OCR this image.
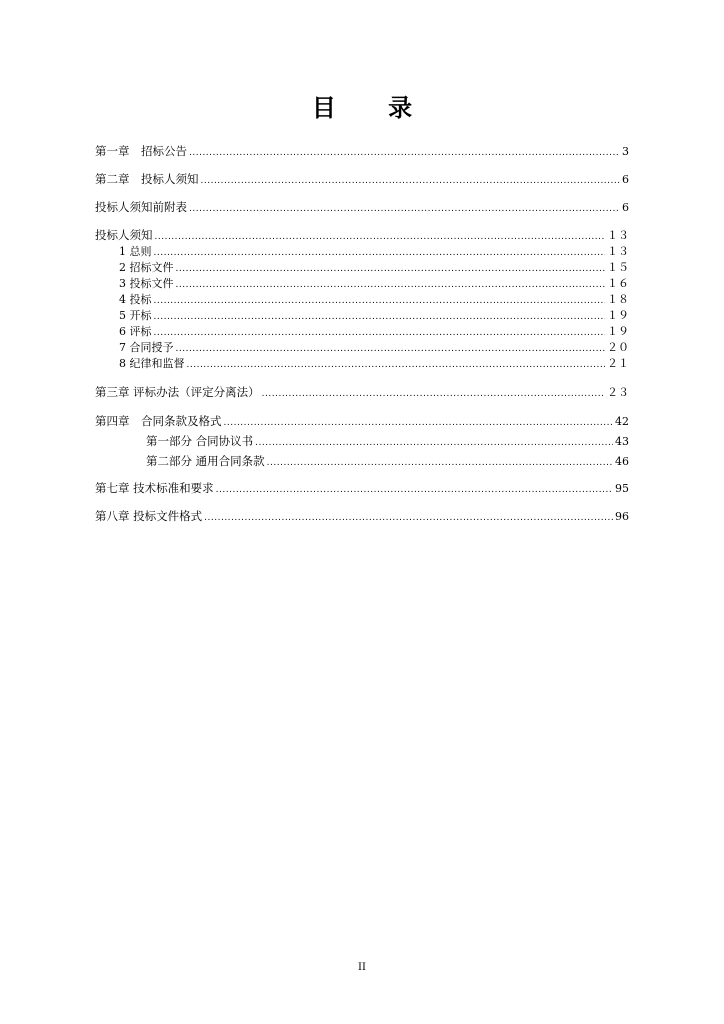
目 录
第一章　招标公告 .....	3
第二章　投标人须知 .....	6
投标人须知前附表 .....	6
投标人须知 .....	１３
1 总则 .....	１３
2 招标文件 .....	１５
3 投标文件 .....	１６
4 投标 .....	１８
5 开标 .....	１９
6 评标 .....	１９
7 合同授予 .....	２０
8 纪律和监督 .....	２１
第三章 评标办法（评定分离法） .....	２３
第四章　合同条款及格式 .....	42
第一部分 合同协议书 .....	43
第二部分 通用合同条款 .....	46
第七章 技术标准和要求 .....	95
第八章 投标文件格式 .....	96
II
